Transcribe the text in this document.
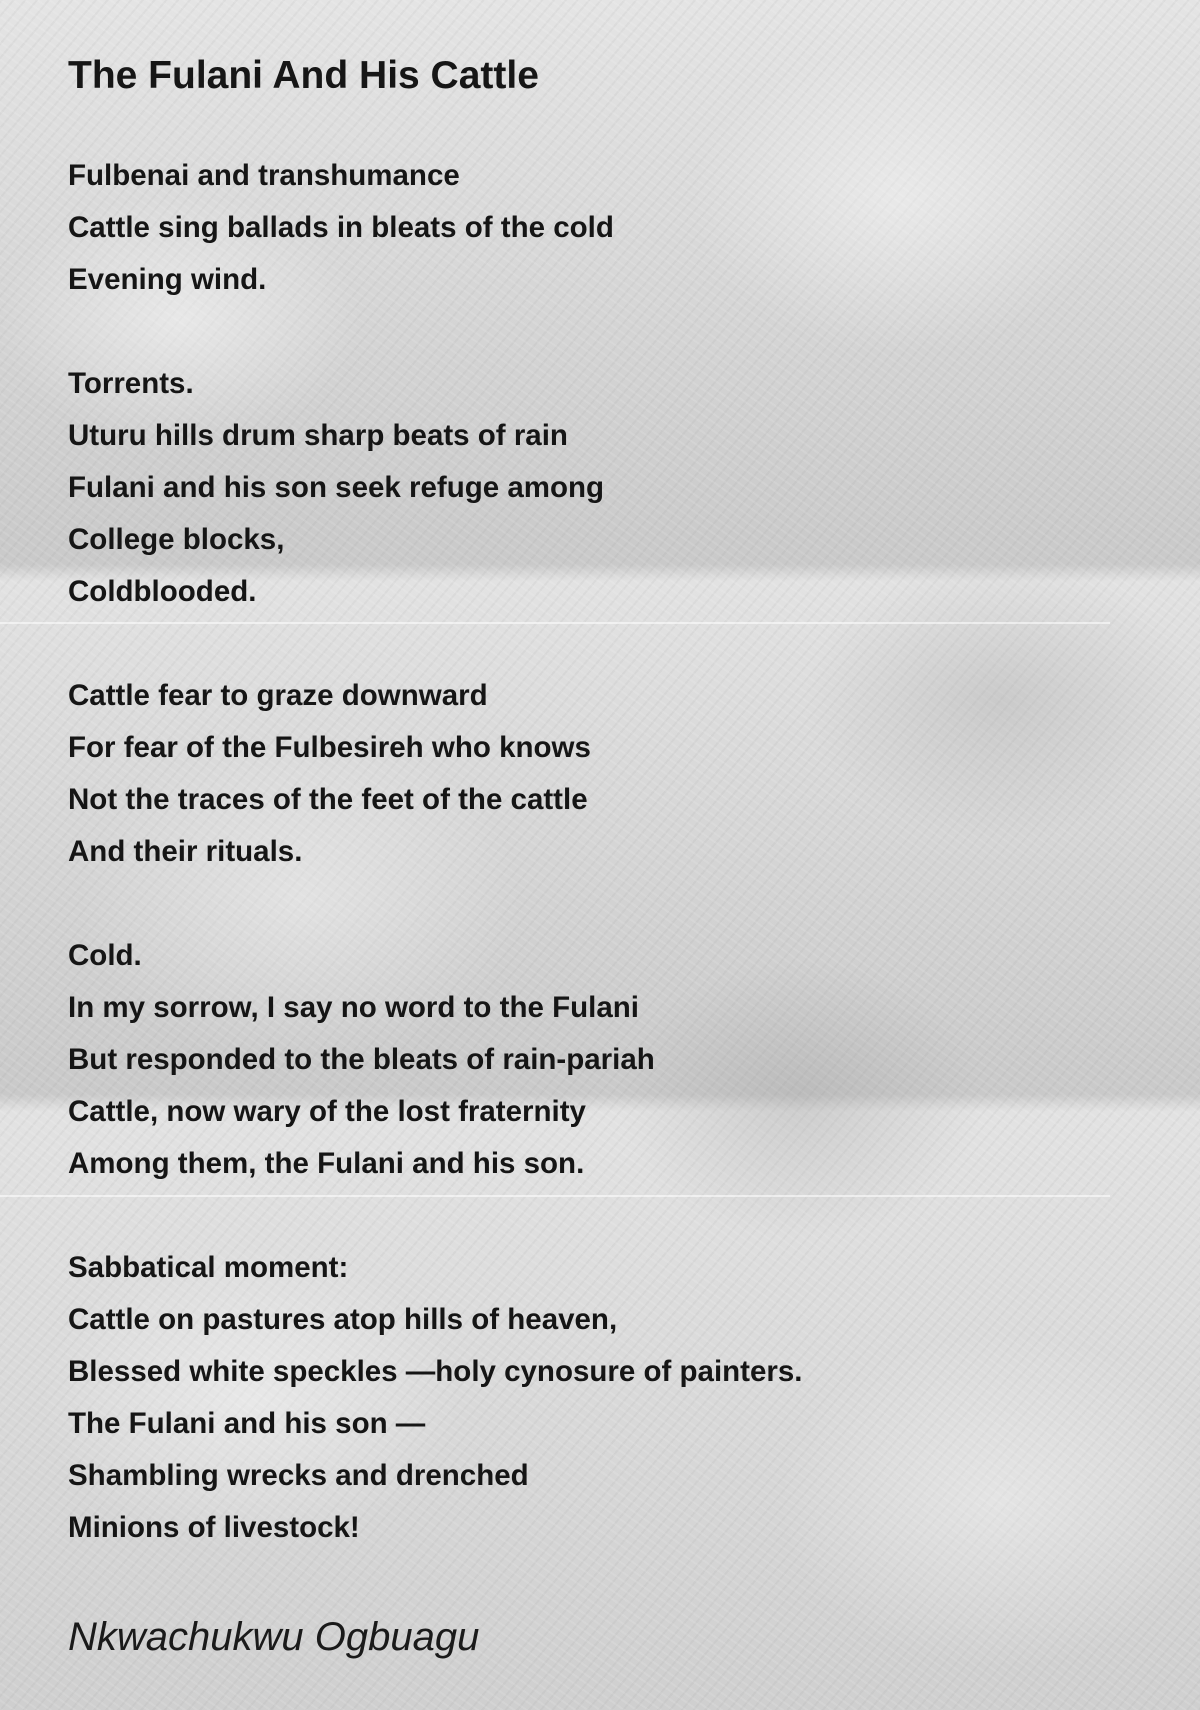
The Fulani And His Cattle
Fulbenai and transhumance
Cattle sing ballads in bleats of the cold
Evening wind.
Torrents.
Uturu hills drum sharp beats of rain
Fulani and his son seek refuge among
College blocks,
Coldblooded.
Cattle fear to graze downward
For fear of the Fulbesireh who knows
Not the traces of the feet of the cattle
And their rituals.
Cold.
In my sorrow, I say no word to the Fulani
But responded to the bleats of rain-pariah
Cattle, now wary of the lost fraternity
Among them, the Fulani and his son.
Sabbatical moment:
Cattle on pastures atop hills of heaven,
Blessed white speckles —holy cynosure of painters.
The Fulani and his son —
Shambling wrecks and drenched
Minions of livestock!
Nkwachukwu Ogbuagu
